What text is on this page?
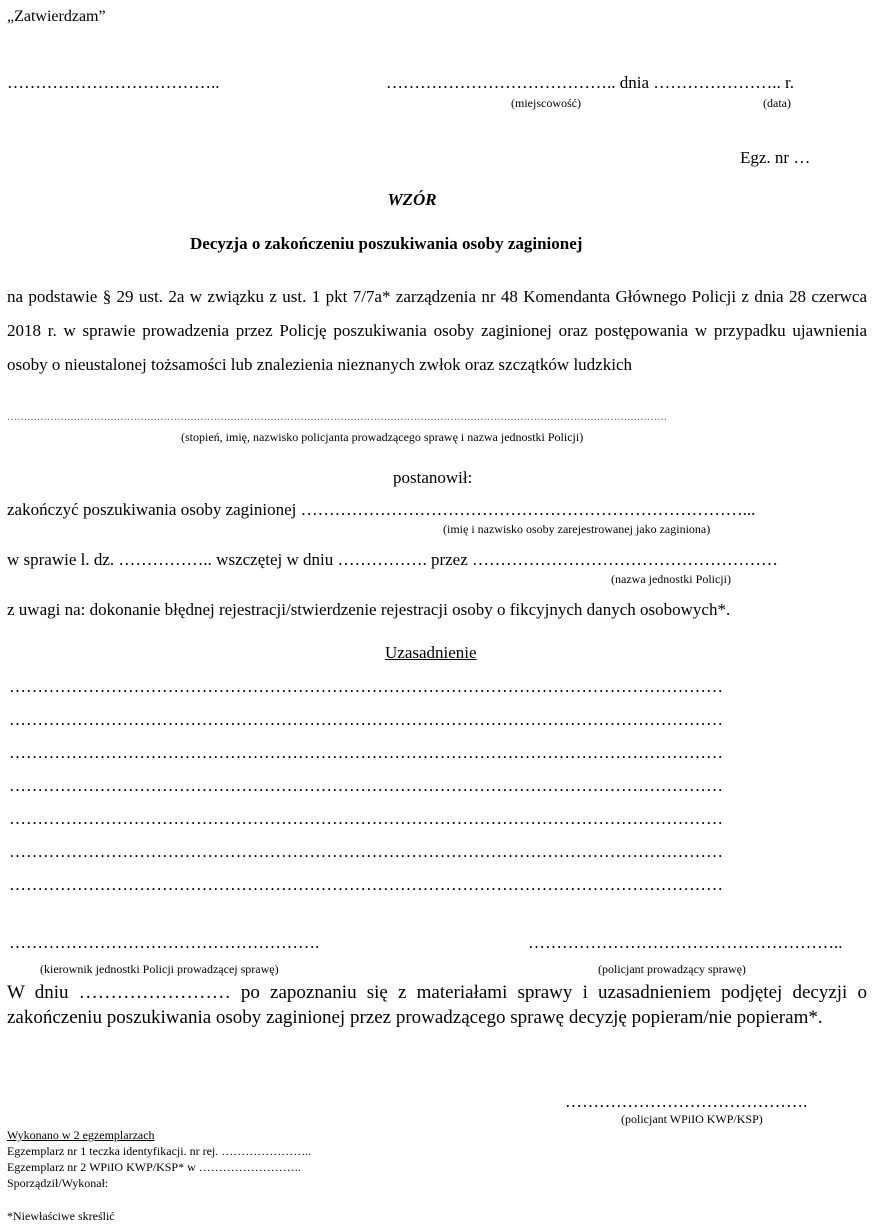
„Zatwierdzam”
………………………………..	………………………………….. dnia ………………….. r.
(miejscowość)	(data)
Egz. nr …
WZÓR
Decyzja o zakończeniu poszukiwania osoby zaginionej
na podstawie § 29 ust. 2a w związku z ust. 1 pkt 7/7a* zarządzenia nr 48 Komendanta Głównego Policji z dnia 28 czerwca 2018 r. w sprawie prowadzenia przez Policję poszukiwania osoby zaginionej oraz postępowania w przypadku ujawnienia osoby o nieustalonej tożsamości lub znalezienia nieznanych zwłok oraz szczątków ludzkich
………………………………………………………………………………………………………………………………………………………………………………
(stopień, imię, nazwisko policjanta prowadzącego sprawę i nazwa jednostki Policji)
postanowił:
zakończyć poszukiwania osoby zaginionej ……………………………………………………………………...
(imię i nazwisko osoby zarejestrowanej jako zaginiona)
w sprawie l. dz. …………….. wszczętej w dniu ……………. przez ………………………………………………
(nazwa jednostki Policji)
z uwagi na: dokonanie błędnej rejestracji/stwierdzenie rejestracji osoby o fikcyjnych danych osobowych*.
Uzasadnienie
………………………………………………………………………………………………………………
………………………………………………………………………………………………………………
………………………………………………………………………………………………………………
………………………………………………………………………………………………………………
………………………………………………………………………………………………………………
………………………………………………………………………………………………………………
………………………………………………………………………………………………………………
……………………………………………….
(kierownik jednostki Policji prowadzącej sprawę)
………………………………………………..
(policjant prowadzący sprawę)
W dniu …………………… po zapoznaniu się z materiałami sprawy i uzasadnieniem podjętej decyzji o zakończeniu poszukiwania osoby zaginionej przez prowadzącego sprawę decyzję popieram/nie popieram*.
…………………………………….
(policjant WPiIO KWP/KSP)
Wykonano w 2 egzemplarzach
Egzemplarz nr 1 teczka identyfikacji. nr rej. …………………..
Egzemplarz nr 2 WPiIO KWP/KSP* w ……………………..
Sporządził/Wykonał:
*Niewłaściwe skreślić
